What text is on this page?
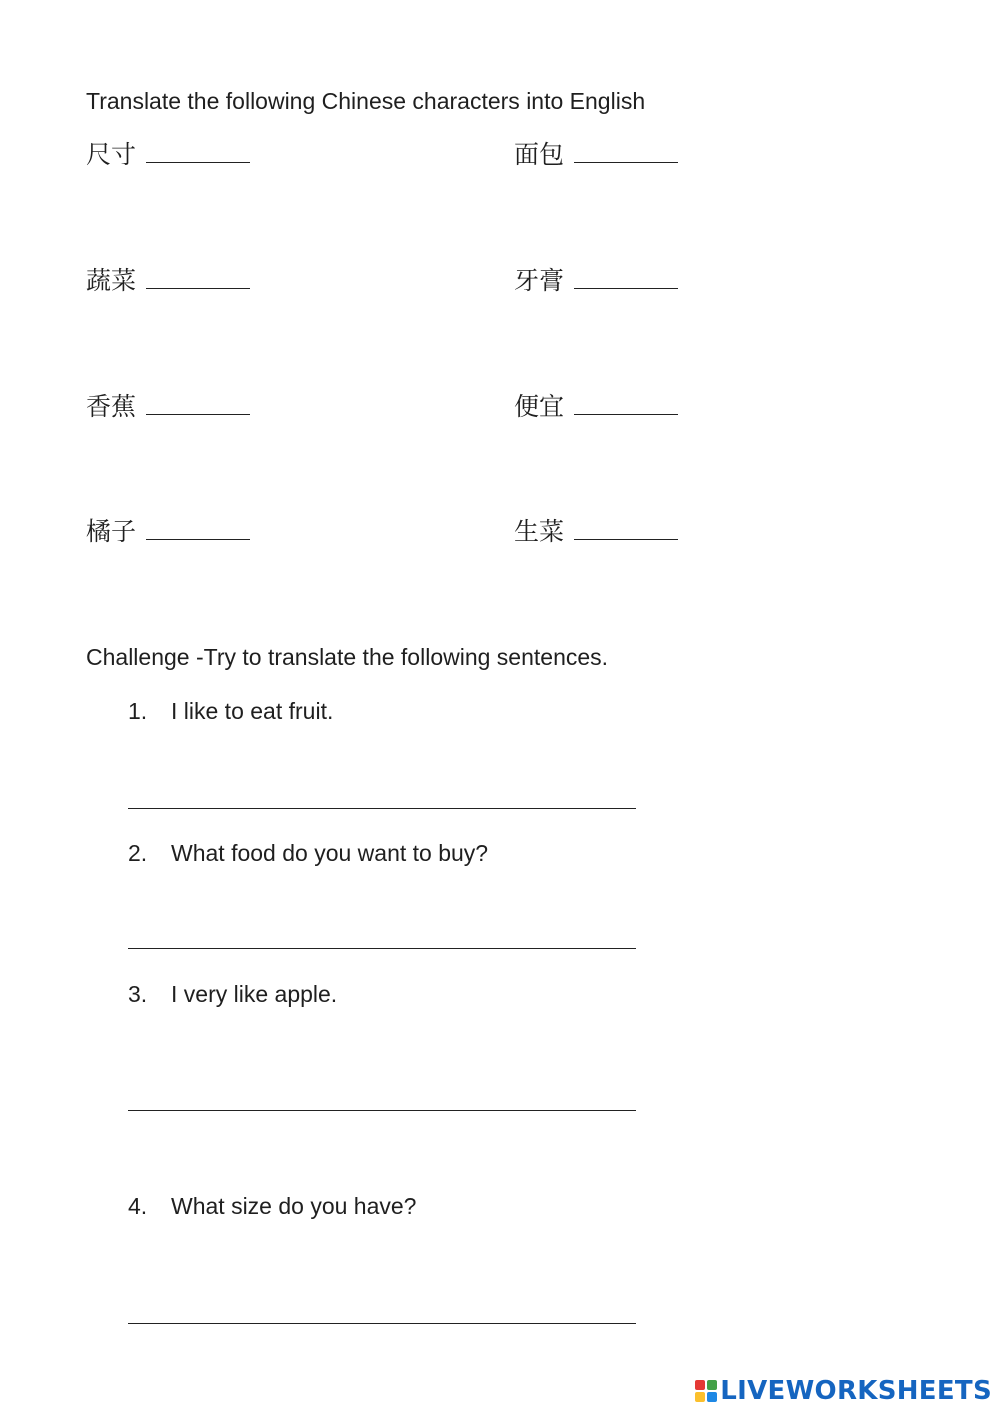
Translate the following Chinese characters into English
尺寸	面包
蔬菜	牙膏
香蕉	便宜
橘子	生菜
Challenge -Try to translate the following sentences.
1. I like to eat fruit.
2. What food do you want to buy?
3. I very like apple.
4. What size do you have?
LIVEWORKSHEETS
